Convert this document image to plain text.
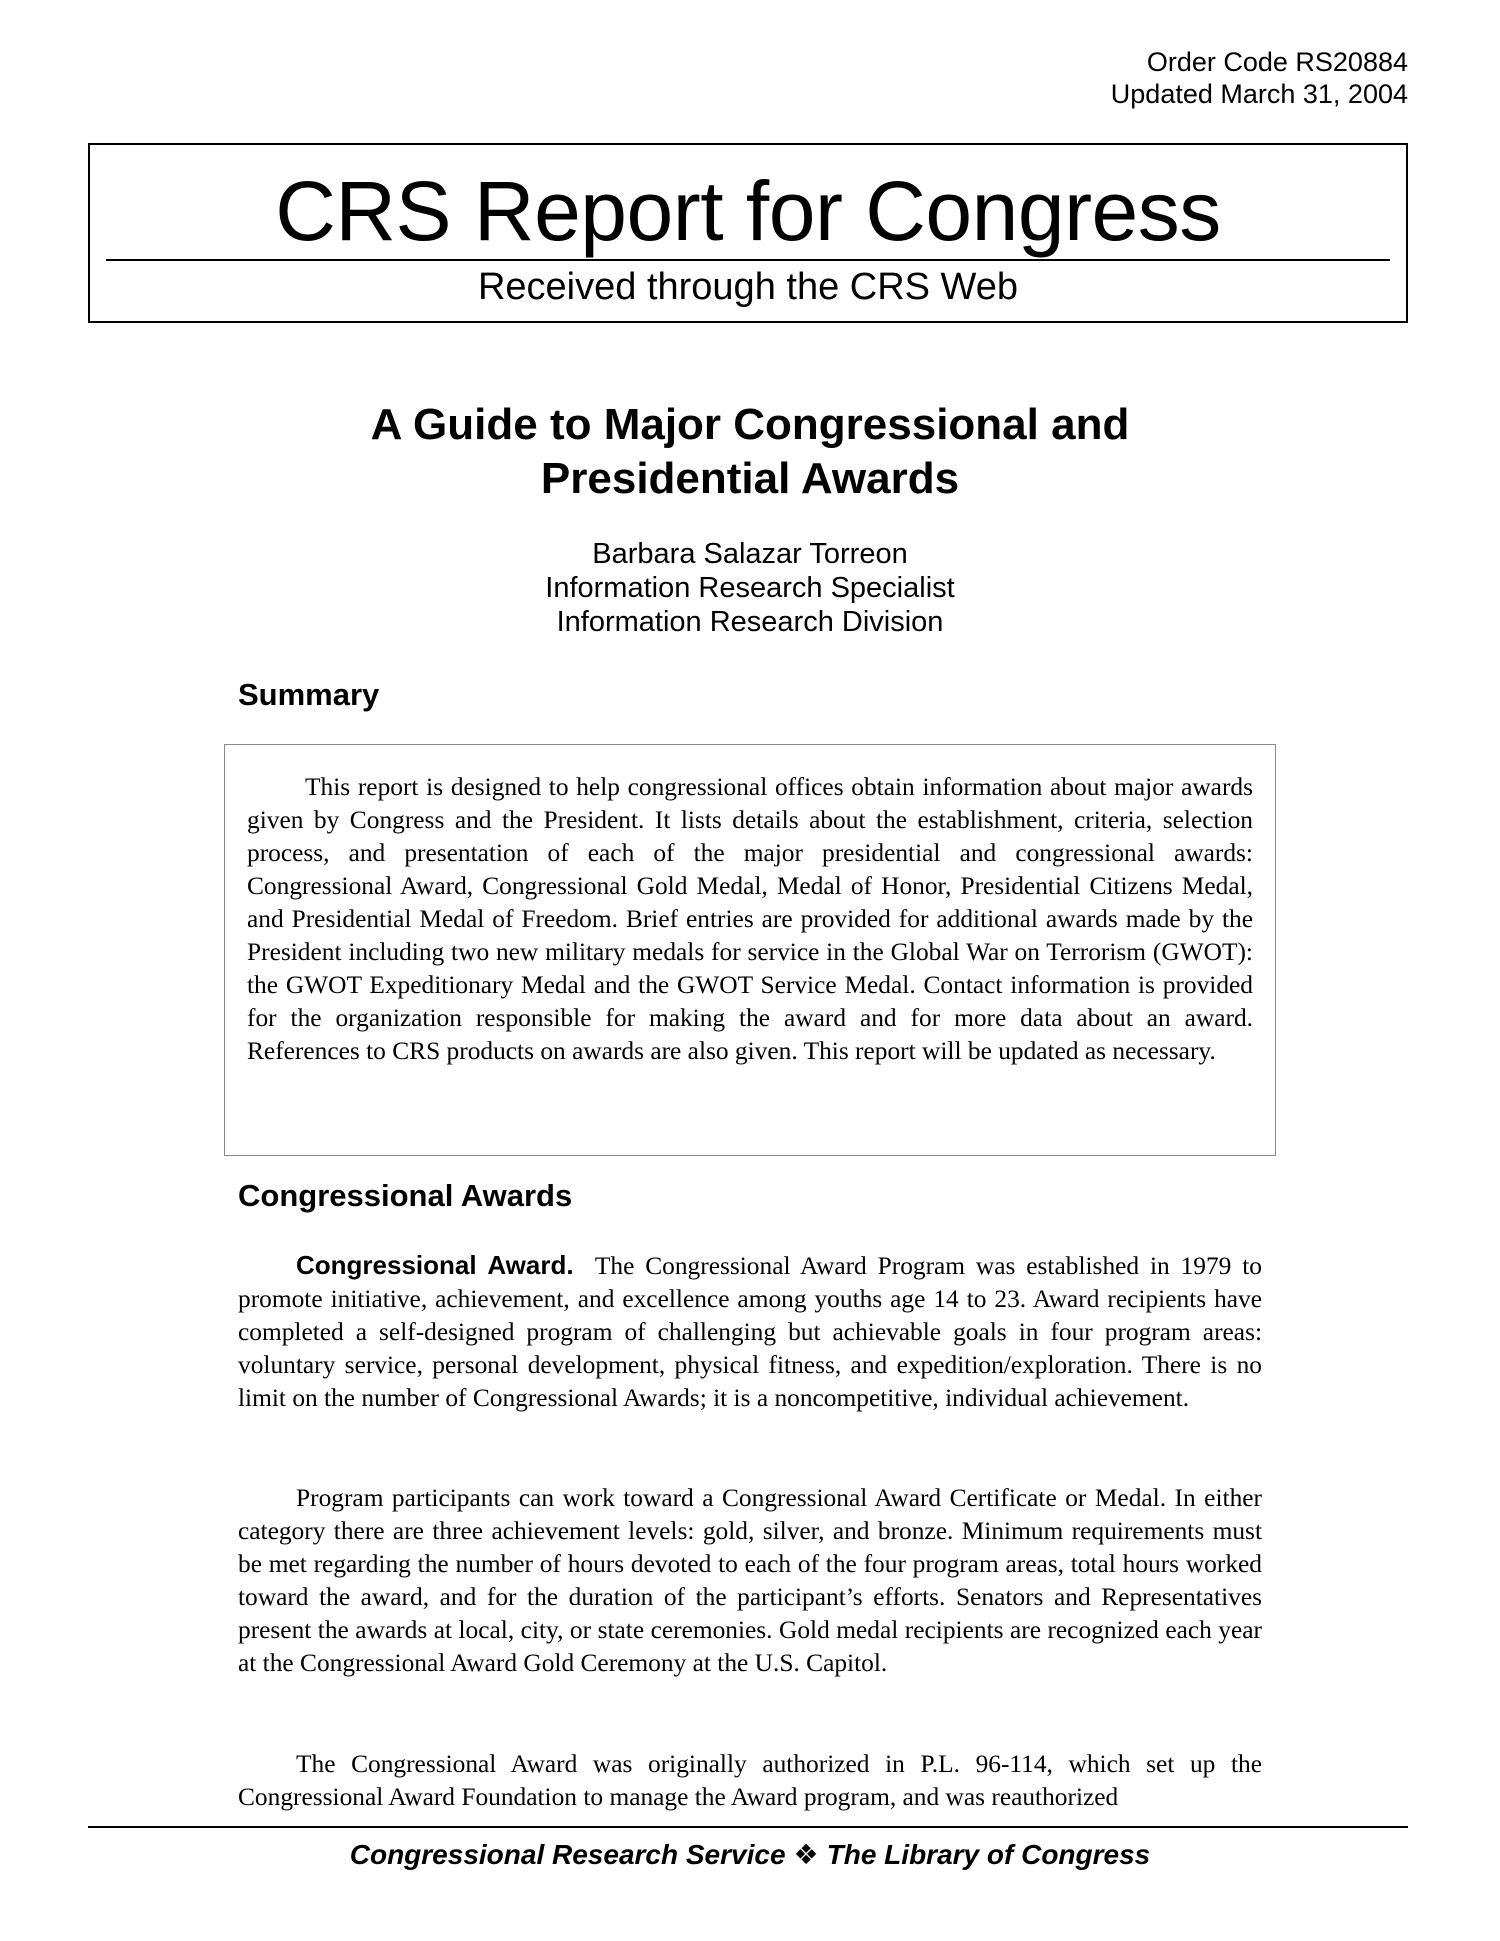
Order Code RS20884
Updated March 31, 2004
CRS Report for Congress
Received through the CRS Web
A Guide to Major Congressional and
Presidential Awards
Barbara Salazar Torreon
Information Research Specialist
Information Research Division
Summary

This report is designed to help congressional offices obtain information about major awards given by Congress and the President. It lists details about the establishment, criteria, selection process, and presentation of each of the major presidential and congressional awards: Congressional Award, Congressional Gold Medal, Medal of Honor, Presidential Citizens Medal, and Presidential Medal of Freedom. Brief entries are provided for additional awards made by the President including two new military medals for service in the Global War on Terrorism (GWOT): the GWOT Expeditionary Medal and the GWOT Service Medal. Contact information is provided for the organization responsible for making the award and for more data about an award. References to CRS products on awards are also given. This report will be updated as necessary.

Congressional Awards

Congressional Award. The Congressional Award Program was established in 1979 to promote initiative, achievement, and excellence among youths age 14 to 23. Award recipients have completed a self-designed program of challenging but achievable goals in four program areas: voluntary service, personal development, physical fitness, and expedition/exploration. There is no limit on the number of Congressional Awards; it is a noncompetitive, individual achievement.

Program participants can work toward a Congressional Award Certificate or Medal. In either category there are three achievement levels: gold, silver, and bronze. Minimum requirements must be met regarding the number of hours devoted to each of the four program areas, total hours worked toward the award, and for the duration of the participant’s efforts. Senators and Representatives present the awards at local, city, or state ceremonies. Gold medal recipients are recognized each year at the Congressional Award Gold Ceremony at the U.S. Capitol.

The Congressional Award was originally authorized in P.L. 96-114, which set up the Congressional Award Foundation to manage the Award program, and was reauthorized

Congressional Research Service ❖ The Library of Congress
